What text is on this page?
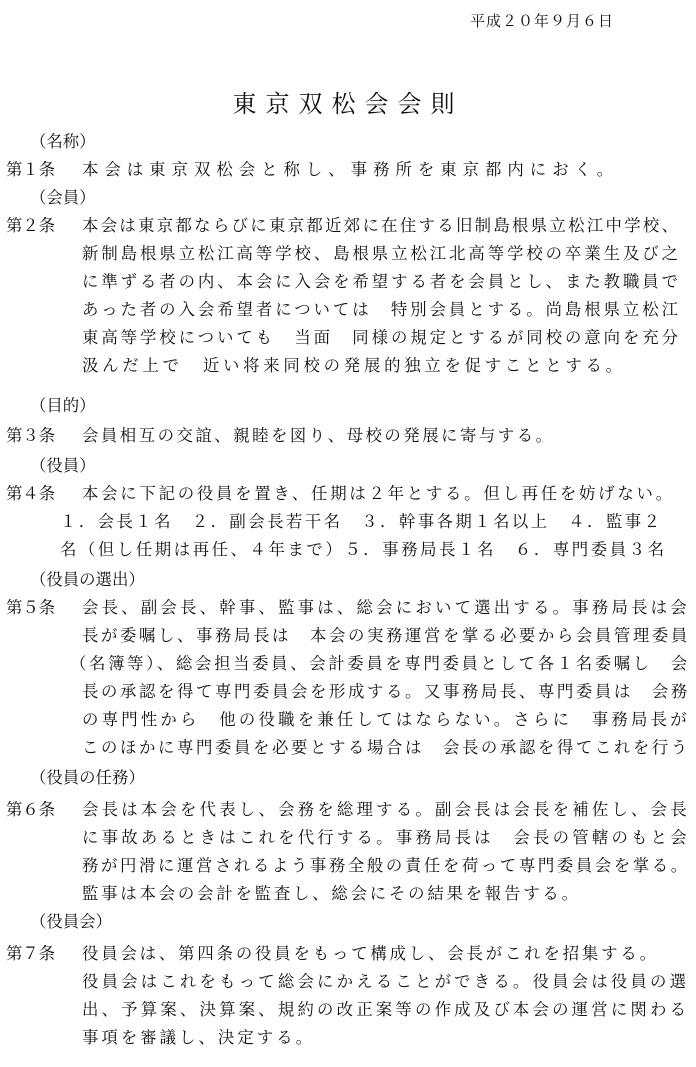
平成２０年９月６日
東京双松会会則
（名称）
第１条 本会は東京双松会と称し、事務所を東京都内におく。
（会員）
第２条 本会は東京都ならびに東京都近郊に在住する旧制島根県立松江中学校、
新制島根県立松江高等学校、島根県立松江北高等学校の卒業生及び之
に準ずる者の内、本会に入会を希望する者を会員とし、また教職員で
あった者の入会希望者については　特別会員とする。尚島根県立松江
東高等学校についても　当面　同様の規定とするが同校の意向を充分
汲んだ上で　近い将来同校の発展的独立を促すこととする。
（目的）
第３条 会員相互の交誼、親睦を図り、母校の発展に寄与する。
（役員）
第４条 本会に下記の役員を置き、任期は２年とする。但し再任を妨げない。
１．会長１名　２．副会長若干名　３．幹事各期１名以上　４．監事２
名（但し任期は再任、４年まで）５．事務局長１名　６．専門委員３名
（役員の選出）
第５条 会長、副会長、幹事、監事は、総会において選出する。事務局長は会
長が委嘱し、事務局長は　本会の実務運営を掌る必要から会員管理委員
（名簿等）、総会担当委員、会計委員を専門委員として各１名委嘱し　会
長の承認を得て専門委員会を形成する。又事務局長、専門委員は　会務
の専門性から　他の役職を兼任してはならない。さらに　事務局長が
このほかに専門委員を必要とする場合は　会長の承認を得てこれを行う
（役員の任務）
第６条 会長は本会を代表し、会務を総理する。副会長は会長を補佐し、会長
に事故あるときはこれを代行する。事務局長は　会長の管轄のもと会
務が円滑に運営されるよう事務全般の責任を荷って専門委員会を掌る。
監事は本会の会計を監査し、総会にその結果を報告する。
（役員会）
第７条 役員会は、第四条の役員をもって構成し、会長がこれを招集する。
役員会はこれをもって総会にかえることができる。役員会は役員の選
出、予算案、決算案、規約の改正案等の作成及び本会の運営に関わる
事項を審議し、決定する。
